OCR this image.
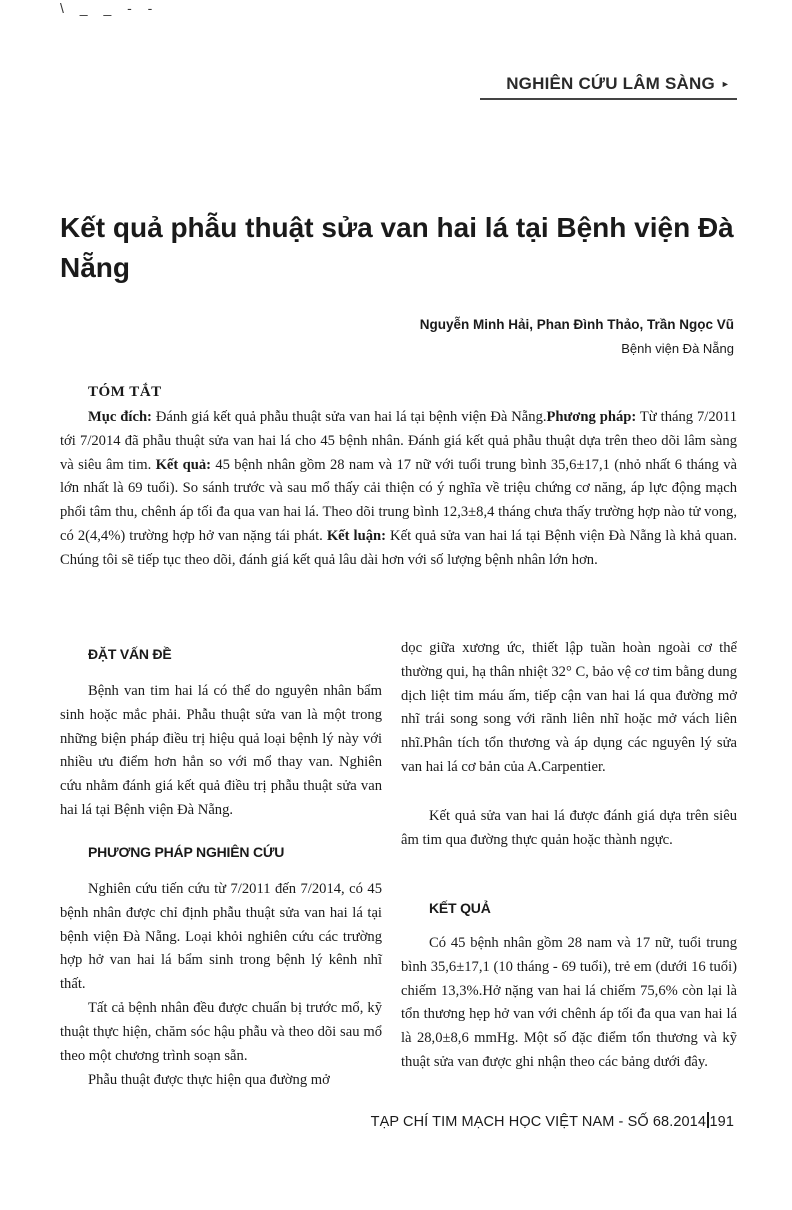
\ _ _ - -
NGHIÊN CỨU LÂM SÀNG ►
Kết quả phẫu thuật sửa van hai lá tại Bệnh viện Đà Nẵng
Nguyễn Minh Hải, Phan Đình Thảo, Trần Ngọc Vũ
Bệnh viện Đà Nẵng
TÓM TẮT

Mục đích: Đánh giá kết quả phẫu thuật sửa van hai lá tại bệnh viện Đà Nẵng.Phương pháp: Từ tháng 7/2011 tới 7/2014 đã phẫu thuật sửa van hai lá cho 45 bệnh nhân. Đánh giá kết quả phẫu thuật dựa trên theo dõi lâm sàng và siêu âm tim. Kết quả: 45 bệnh nhân gồm 28 nam và 17 nữ với tuổi trung bình 35,6±17,1 (nhỏ nhất 6 tháng và lớn nhất là 69 tuổi). So sánh trước và sau mổ thấy cải thiện có ý nghĩa về triệu chứng cơ năng, áp lực động mạch phổi tâm thu, chênh áp tối đa qua van hai lá. Theo dõi trung bình 12,3±8,4 tháng chưa thấy trường hợp nào tử vong, có 2(4,4%) trường hợp hở van nặng tái phát. Kết luận: Kết quả sửa van hai lá tại Bệnh viện Đà Nẵng là khả quan. Chúng tôi sẽ tiếp tục theo dõi, đánh giá kết quả lâu dài hơn với số lượng bệnh nhân lớn hơn.

ĐẶT VẤN ĐỀ

Bệnh van tim hai lá có thể do nguyên nhân bẩm sinh hoặc mắc phải. Phẫu thuật sửa van là một trong những biện pháp điều trị hiệu quả loại bệnh lý này với nhiều ưu điểm hơn hẳn so với mổ thay van. Nghiên cứu nhằm đánh giá kết quả điều trị phẫu thuật sửa van hai lá tại Bệnh viện Đà Nẵng.

PHƯƠNG PHÁP NGHIÊN CỨU

Nghiên cứu tiến cứu từ 7/2011 đến 7/2014, có 45 bệnh nhân được chỉ định phẫu thuật sửa van hai lá tại bệnh viện Đà Nẵng. Loại khỏi nghiên cứu các trường hợp hở van hai lá bẩm sinh trong bệnh lý kênh nhĩ thất.

Tất cả bệnh nhân đều được chuẩn bị trước mổ, kỹ thuật thực hiện, chăm sóc hậu phẫu và theo dõi sau mổ theo một chương trình soạn sẵn.

Phẫu thuật được thực hiện qua đường mở

dọc giữa xương ức, thiết lập tuần hoàn ngoài cơ thể thường qui, hạ thân nhiệt 32° C, bảo vệ cơ tim bằng dung dịch liệt tim máu ấm, tiếp cận van hai lá qua đường mở nhĩ trái song song với rãnh liên nhĩ hoặc mở vách liên nhĩ.Phân tích tổn thương và áp dụng các nguyên lý sửa van hai lá cơ bản của A.Carpentier.

Kết quả sửa van hai lá được đánh giá dựa trên siêu âm tim qua đường thực quản hoặc thành ngực.

KẾT QUẢ

Có 45 bệnh nhân gồm 28 nam và 17 nữ, tuổi trung bình 35,6±17,1 (10 tháng - 69 tuổi), trẻ em (dưới 16 tuổi) chiếm 13,3%.Hở nặng van hai lá chiếm 75,6% còn lại là tổn thương hẹp hở van với chênh áp tối đa qua van hai lá là 28,0±8,6 mmHg. Một số đặc điểm tổn thương và kỹ thuật sửa van được ghi nhận theo các bảng dưới đây.

TẠP CHÍ TIM MẠCH HỌC VIỆT NAM - SỐ 68.2014 191
